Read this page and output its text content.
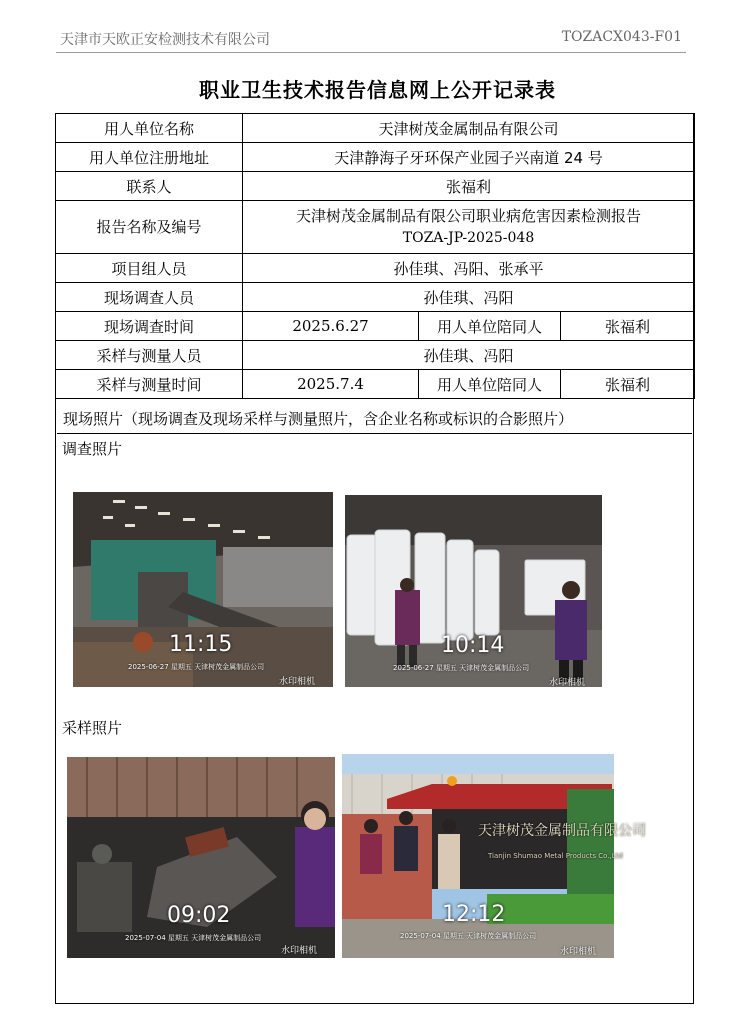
天津市天欧正安检测技术有限公司	TOZACX043-F01
职业卫生技术报告信息网上公开记录表
用人单位名称	天津树茂金属制品有限公司		
用人单位注册地址	天津静海子牙环保产业园子兴南道 24 号		
联系人	张福利		
报告名称及编号	天津树茂金属制品有限公司职业病危害因素检测报告
TOZA-JP-2025-048		

项目组人员	孙佳琪、冯阳、张承平		
现场调查人员	孙佳琪、冯阳		
现场调查时间	2025.6.27	用人单位陪同人	张福利
采样与测量人员	孙佳琪、冯阳		
采样与测量时间	2025.7.4	用人单位陪同人	张福利
现场照片（现场调查及现场采样与测量照片，含企业名称或标识的合影照片）
调查照片
采样照片
11:15
2025-06-27 星期五 天津树茂金属制品公司
水印相机
10:14
2025-06-27 星期五 天津树茂金属制品公司
水印相机
09:02
2025-07-04 星期五 天津树茂金属制品公司
水印相机
天津树茂金属制品有限公司
Tianjin Shumao Metal Products Co.,Ltd
12:12
2025-07-04 星期五 天津树茂金属制品公司
水印相机
